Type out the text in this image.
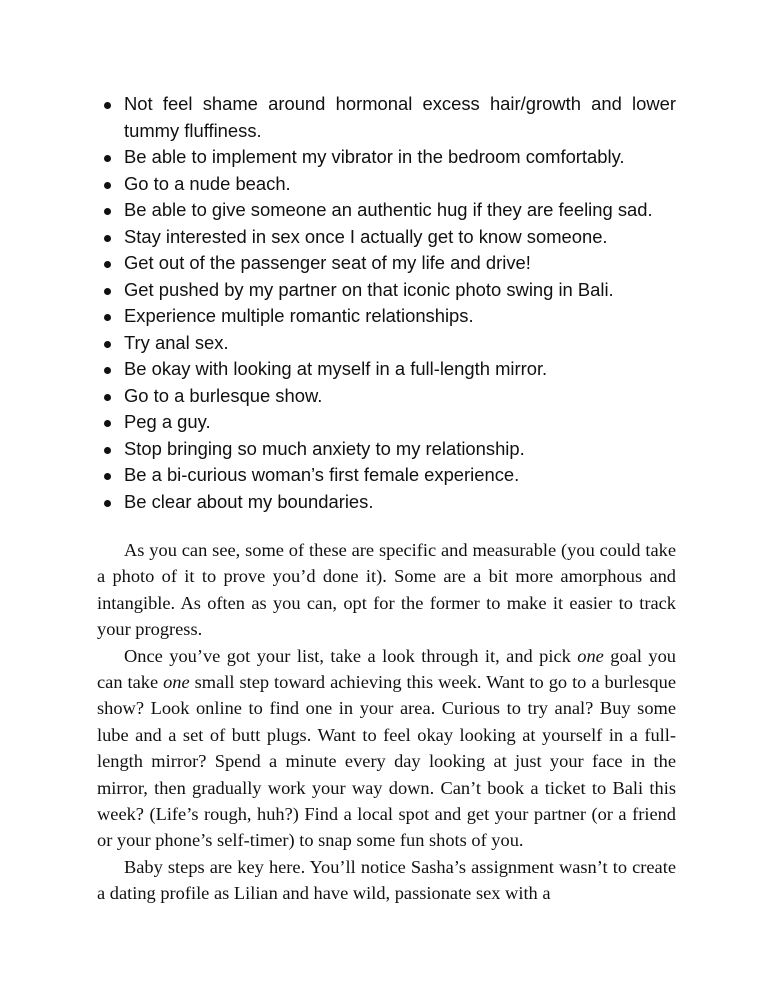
Not feel shame around hormonal excess hair/growth and lower tummy fluffiness.
Be able to implement my vibrator in the bedroom comfortably.
Go to a nude beach.
Be able to give someone an authentic hug if they are feeling sad.
Stay interested in sex once I actually get to know someone.
Get out of the passenger seat of my life and drive!
Get pushed by my partner on that iconic photo swing in Bali.
Experience multiple romantic relationships.
Try anal sex.
Be okay with looking at myself in a full-length mirror.
Go to a burlesque show.
Peg a guy.
Stop bringing so much anxiety to my relationship.
Be a bi-curious woman’s first female experience.
Be clear about my boundaries.

As you can see, some of these are specific and measurable (you could take a photo of it to prove you’d done it). Some are a bit more amorphous and intangible. As often as you can, opt for the former to make it easier to track your progress.

Once you’ve got your list, take a look through it, and pick one goal you can take one small step toward achieving this week. Want to go to a burlesque show? Look online to find one in your area. Curious to try anal? Buy some lube and a set of butt plugs. Want to feel okay looking at yourself in a full-length mirror? Spend a minute every day looking at just your face in the mirror, then gradually work your way down. Can’t book a ticket to Bali this week? (Life’s rough, huh?) Find a local spot and get your partner (or a friend or your phone’s self-timer) to snap some fun shots of you.

Baby steps are key here. You’ll notice Sasha’s assignment wasn’t to create a dating profile as Lilian and have wild, passionate sex with a
